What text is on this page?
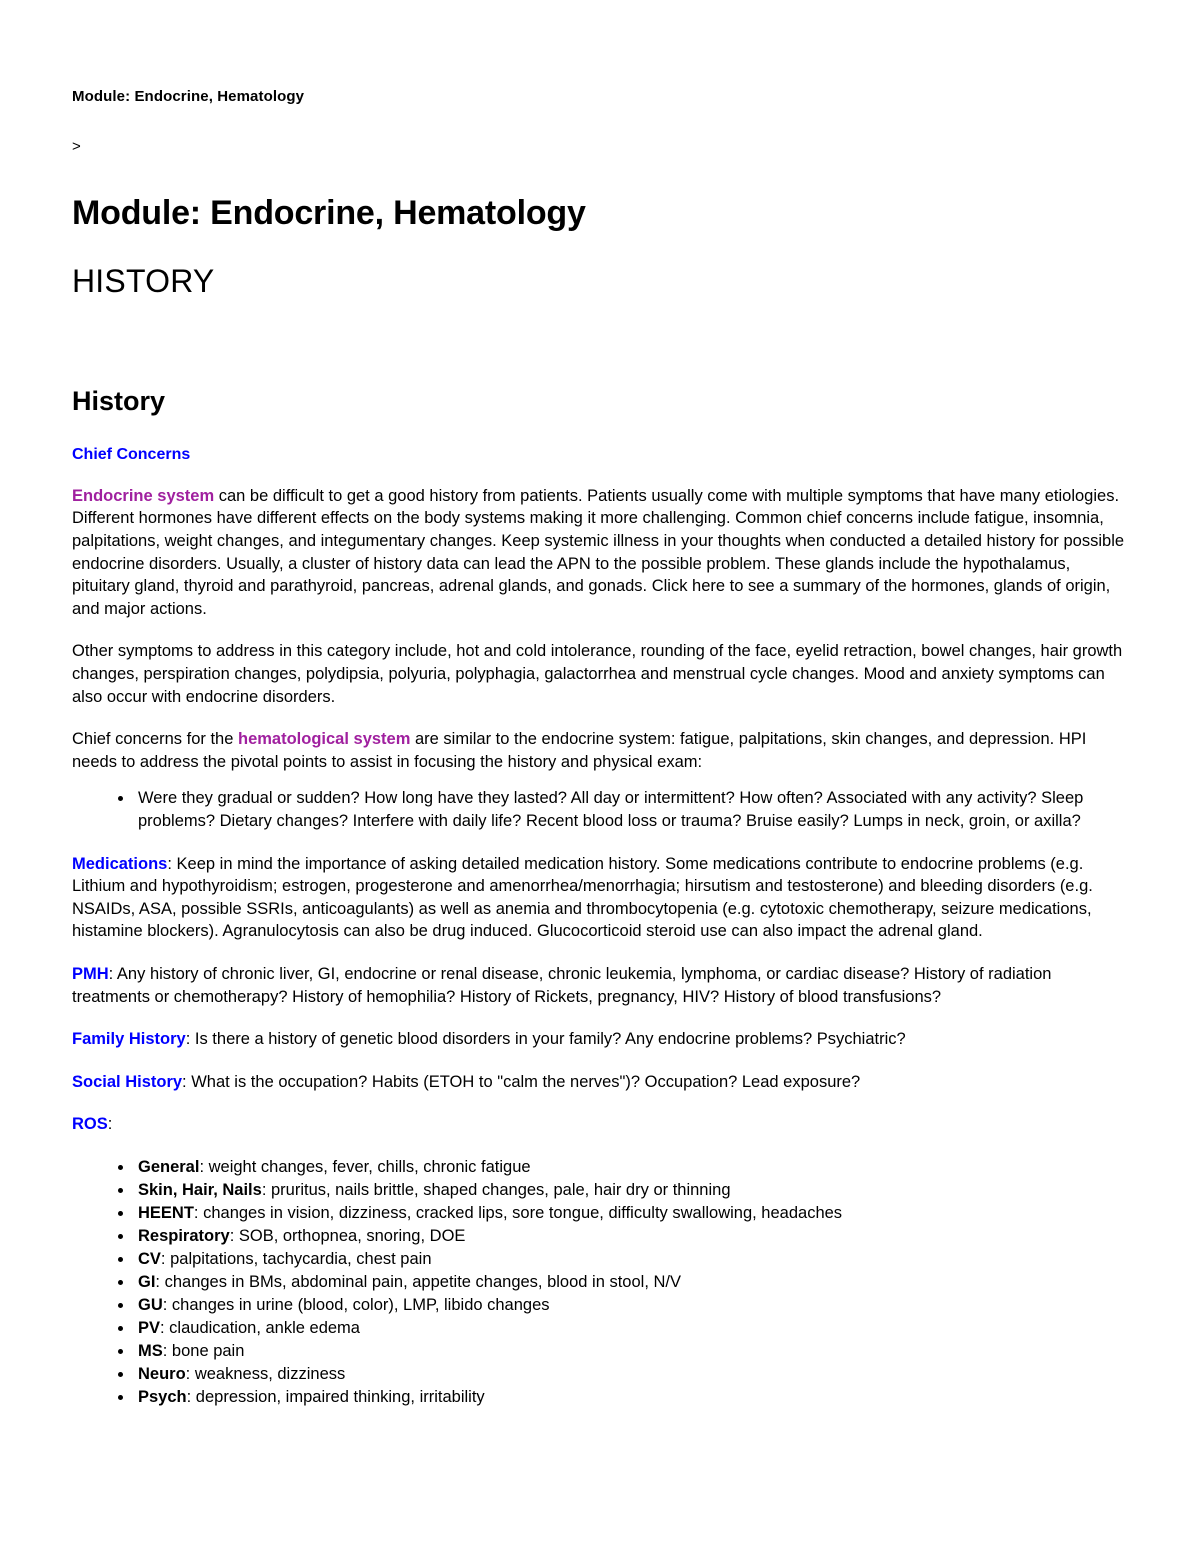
Module: Endocrine, Hematology
>
Module: Endocrine, Hematology
HISTORY
History

Chief Concerns

Endocrine system can be difficult to get a good history from patients. Patients usually come with multiple symptoms that have many etiologies. Different hormones have different effects on the body systems making it more challenging. Common chief concerns include fatigue, insomnia, palpitations, weight changes, and integumentary changes. Keep systemic illness in your thoughts when conducted a detailed history for possible endocrine disorders. Usually, a cluster of history data can lead the APN to the possible problem. These glands include the hypothalamus, pituitary gland, thyroid and parathyroid, pancreas, adrenal glands, and gonads. Click here to see a summary of the hormones, glands of origin, and major actions.

Other symptoms to address in this category include, hot and cold intolerance, rounding of the face, eyelid retraction, bowel changes, hair growth changes, perspiration changes, polydipsia, polyuria, polyphagia, galactorrhea and menstrual cycle changes. Mood and anxiety symptoms can also occur with endocrine disorders.

Chief concerns for the hematological system are similar to the endocrine system: fatigue, palpitations, skin changes, and depression. HPI needs to address the pivotal points to assist in focusing the history and physical exam:

• Were they gradual or sudden? How long have they lasted? All day or intermittent? How often? Associated with any activity? Sleep problems? Dietary changes? Interfere with daily life? Recent blood loss or trauma? Bruise easily? Lumps in neck, groin, or axilla?

Medications: Keep in mind the importance of asking detailed medication history. Some medications contribute to endocrine problems (e.g. Lithium and hypothyroidism; estrogen, progesterone and amenorrhea/menorrhagia; hirsutism and testosterone) and bleeding disorders (e.g. NSAIDs, ASA, possible SSRIs, anticoagulants) as well as anemia and thrombocytopenia (e.g. cytotoxic chemotherapy, seizure medications, histamine blockers). Agranulocytosis can also be drug induced. Glucocorticoid steroid use can also impact the adrenal gland.

PMH: Any history of chronic liver, GI, endocrine or renal disease, chronic leukemia, lymphoma, or cardiac disease? History of radiation treatments or chemotherapy? History of hemophilia? History of Rickets, pregnancy, HIV? History of blood transfusions?

Family History: Is there a history of genetic blood disorders in your family? Any endocrine problems? Psychiatric?

Social History: What is the occupation? Habits (ETOH to "calm the nerves")? Occupation? Lead exposure?

ROS:

• General: weight changes, fever, chills, chronic fatigue
• Skin, Hair, Nails: pruritus, nails brittle, shaped changes, pale, hair dry or thinning
• HEENT: changes in vision, dizziness, cracked lips, sore tongue, difficulty swallowing, headaches
• Respiratory: SOB, orthopnea, snoring, DOE
• CV: palpitations, tachycardia, chest pain
• GI: changes in BMs, abdominal pain, appetite changes, blood in stool, N/V
• GU: changes in urine (blood, color), LMP, libido changes
• PV: claudication, ankle edema
• MS: bone pain
• Neuro: weakness, dizziness
• Psych: depression, impaired thinking, irritability
